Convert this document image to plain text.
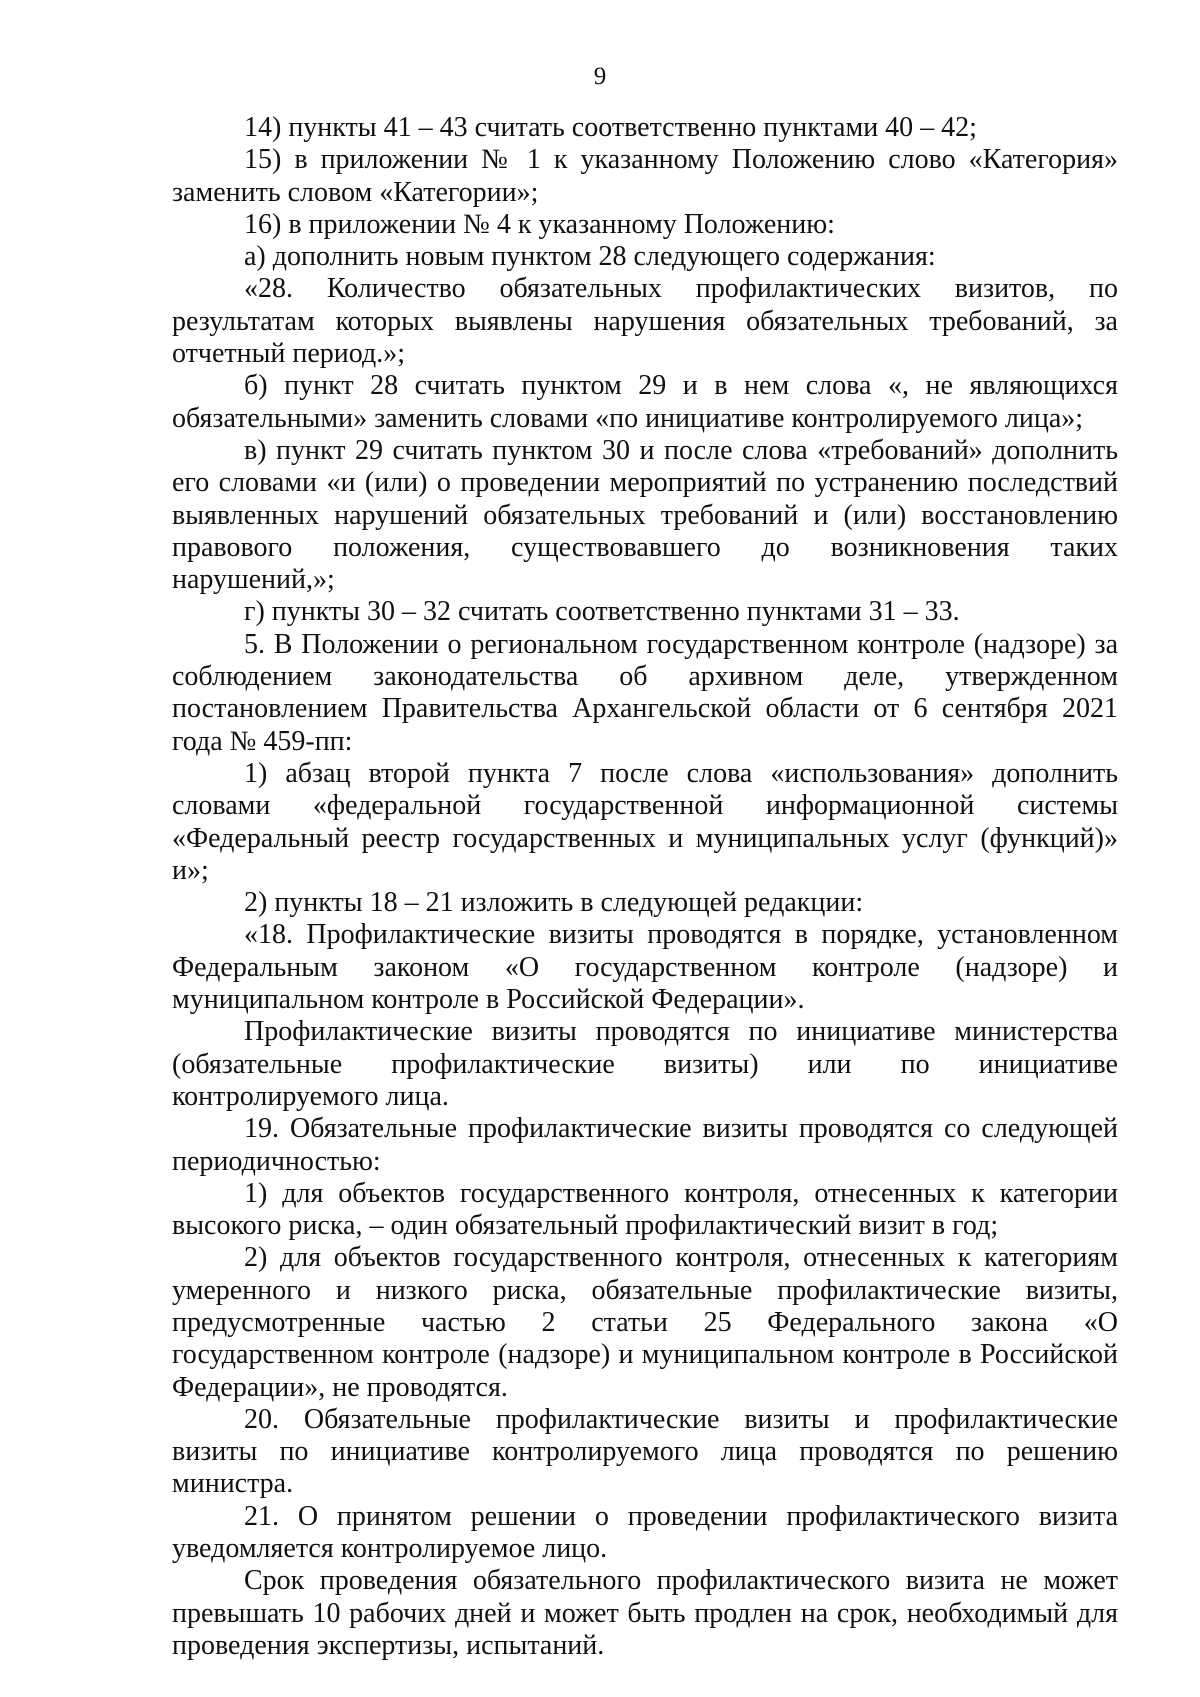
9

14) пункты 41 – 43 считать соответственно пунктами 40 – 42;

15) в приложении № 1 к указанному Положению слово «Категория» заменить словом «Категории»;

16) в приложении № 4 к указанному Положению:

а) дополнить новым пунктом 28 следующего содержания:

«28. Количество обязательных профилактических визитов, по результатам которых выявлены нарушения обязательных требований, за отчетный период.»;

б) пункт 28 считать пунктом 29 и в нем слова «, не являющихся обязательными» заменить словами «по инициативе контролируемого лица»;

в) пункт 29 считать пунктом 30 и после слова «требований» дополнить его словами «и (или) о проведении мероприятий по устранению последствий выявленных нарушений обязательных требований и (или) восстановлению правового положения, существовавшего до возникновения таких нарушений,»;

г) пункты 30 – 32 считать соответственно пунктами 31 – 33.

5. В Положении о региональном государственном контроле (надзоре) за соблюдением законодательства об архивном деле, утвержденном постановлением Правительства Архангельской области от 6 сентября 2021 года № 459-пп:

1) абзац второй пункта 7 после слова «использования» дополнить словами «федеральной государственной информационной системы «Федеральный реестр государственных и муниципальных услуг (функций)» и»;

2) пункты 18 – 21 изложить в следующей редакции:

«18. Профилактические визиты проводятся в порядке, установленном Федеральным законом «О государственном контроле (надзоре) и муниципальном контроле в Российской Федерации».

Профилактические визиты проводятся по инициативе министерства (обязательные профилактические визиты) или по инициативе контролируемого лица.

19. Обязательные профилактические визиты проводятся со следующей периодичностью:

1) для объектов государственного контроля, отнесенных к категории высокого риска, – один обязательный профилактический визит в год;

2) для объектов государственного контроля, отнесенных к категориям умеренного и низкого риска, обязательные профилактические визиты, предусмотренные частью 2 статьи 25 Федерального закона «О государственном контроле (надзоре) и муниципальном контроле в Российской Федерации», не проводятся.

20. Обязательные профилактические визиты и профилактические визиты по инициативе контролируемого лица проводятся по решению министра.

21. О принятом решении о проведении профилактического визита уведомляется контролируемое лицо.

Срок проведения обязательного профилактического визита не может превышать 10 рабочих дней и может быть продлен на срок, необходимый для проведения экспертизы, испытаний.
